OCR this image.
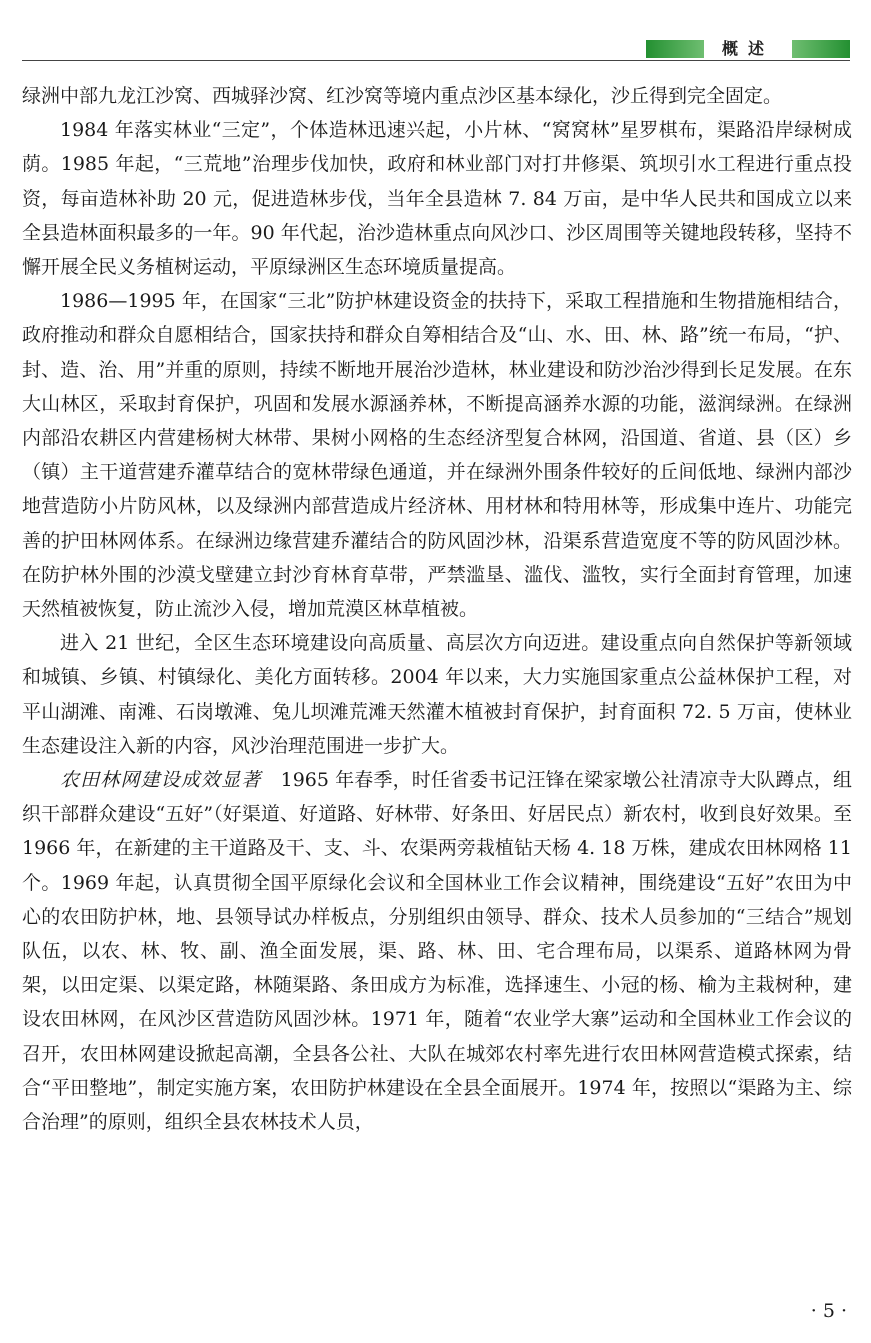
概述

绿洲中部九龙江沙窝、西城驿沙窝、红沙窝等境内重点沙区基本绿化，沙丘得到完全固定。

1984 年落实林业“三定”，个体造林迅速兴起，小片林、“窝窝林”星罗棋布，渠路沿岸绿树成荫。1985 年起，“三荒地”治理步伐加快，政府和林业部门对打井修渠、筑坝引水工程进行重点投资，每亩造林补助 20 元，促进造林步伐，当年全县造林 7. 84 万亩，是中华人民共和国成立以来全县造林面积最多的一年。90 年代起，治沙造林重点向风沙口、沙区周围等关键地段转移，坚持不懈开展全民义务植树运动，平原绿洲区生态环境质量提高。

1986—1995 年，在国家“三北”防护林建设资金的扶持下，采取工程措施和生物措施相结合，政府推动和群众自愿相结合，国家扶持和群众自筹相结合及“山、水、田、林、路”统一布局，“护、封、造、治、用”并重的原则，持续不断地开展治沙造林，林业建设和防沙治沙得到长足发展。在东大山林区，采取封育保护，巩固和发展水源涵养林，不断提高涵养水源的功能，滋润绿洲。在绿洲内部沿农耕区内营建杨树大林带、果树小网格的生态经济型复合林网，沿国道、省道、县（区）乡（镇）主干道营建乔灌草结合的宽林带绿色通道，并在绿洲外围条件较好的丘间低地、绿洲内部沙地营造防小片防风林，以及绿洲内部营造成片经济林、用材林和特用林等，形成集中连片、功能完善的护田林网体系。在绿洲边缘营建乔灌结合的防风固沙林，沿渠系营造宽度不等的防风固沙林。在防护林外围的沙漠戈壁建立封沙育林育草带，严禁滥垦、滥伐、滥牧，实行全面封育管理，加速天然植被恢复，防止流沙入侵，增加荒漠区林草植被。

进入 21 世纪，全区生态环境建设向高质量、高层次方向迈进。建设重点向自然保护等新领域和城镇、乡镇、村镇绿化、美化方面转移。2004 年以来，大力实施国家重点公益林保护工程，对平山湖滩、南滩、石岗墩滩、兔儿坝滩荒滩天然灌木植被封育保护，封育面积 72. 5 万亩，使林业生态建设注入新的内容，风沙治理范围进一步扩大。

农田林网建设成效显著　1965 年春季，时任省委书记汪锋在梁家墩公社清凉寺大队蹲点，组织干部群众建设“五好”（好渠道、好道路、好林带、好条田、好居民点）新农村，收到良好效果。至 1966 年，在新建的主干道路及干、支、斗、农渠两旁栽植钻天杨 4. 18 万株，建成农田林网格 11 个。1969 年起，认真贯彻全国平原绿化会议和全国林业工作会议精神，围绕建设“五好”农田为中心的农田防护林，地、县领导试办样板点，分别组织由领导、群众、技术人员参加的“三结合”规划队伍，以农、林、牧、副、渔全面发展，渠、路、林、田、宅合理布局，以渠系、道路林网为骨架，以田定渠、以渠定路，林随渠路、条田成方为标准，选择速生、小冠的杨、榆为主栽树种，建设农田林网，在风沙区营造防风固沙林。1971 年，随着“农业学大寨”运动和全国林业工作会议的召开，农田林网建设掀起高潮，全县各公社、大队在城郊农村率先进行农田林网营造模式探索，结合“平田整地”，制定实施方案，农田防护林建设在全县全面展开。1974 年，按照以“渠路为主、综合治理”的原则，组织全县农林技术人员，

· 5 ·
